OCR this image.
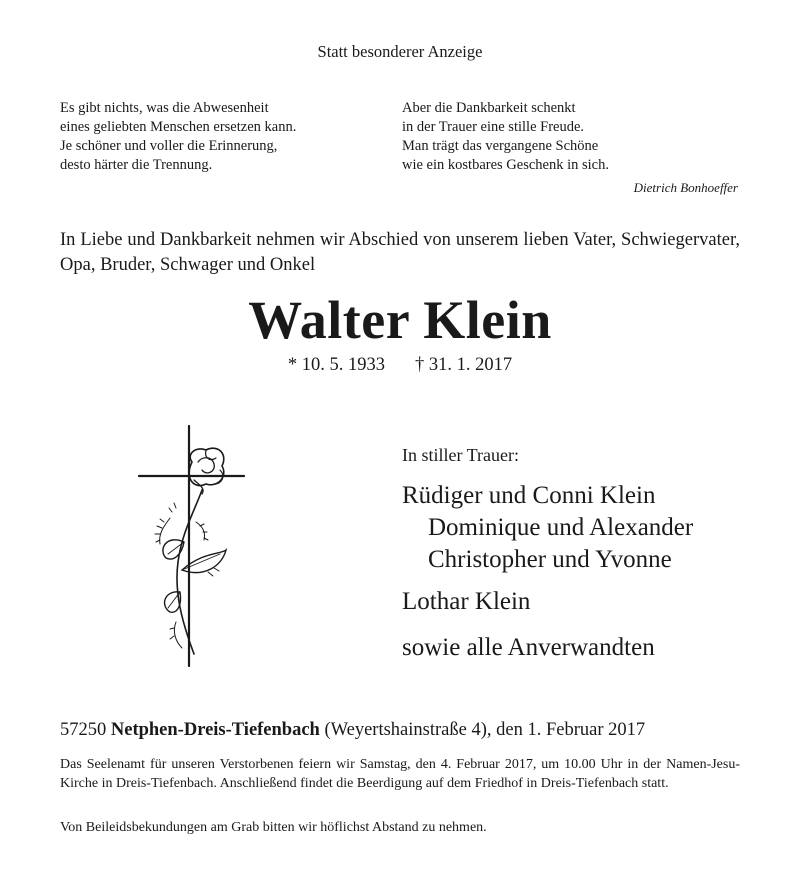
Statt besonderer Anzeige
Es gibt nichts, was die Abwesenheit
eines geliebten Menschen ersetzen kann.
Je schöner und voller die Erinnerung,
desto härter die Trennung.
Aber die Dankbarkeit schenkt
in der Trauer eine stille Freude.
Man trägt das vergangene Schöne
wie ein kostbares Geschenk in sich.
Dietrich Bonhoeffer
In Liebe und Dankbarkeit nehmen wir Abschied von unserem lieben Vater, Schwiegervater, Opa, Bruder, Schwager und Onkel
Walter Klein
* 10. 5. 1933 † 31. 1. 2017
In stiller Trauer:
Rüdiger und Conni Klein
Dominique und Alexander
Christopher und Yvonne
Lothar Klein
sowie alle Anverwandten
57250 Netphen-Dreis-Tiefenbach (Weyertshainstraße 4), den 1. Februar 2017
Das Seelenamt für unseren Verstorbenen feiern wir Samstag, den 4. Februar 2017, um 10.00 Uhr in der Namen-Jesu-Kirche in Dreis-Tiefenbach. Anschließend findet die Beerdigung auf dem Friedhof in Dreis-Tiefenbach statt.
Von Beileidsbekundungen am Grab bitten wir höflichst Abstand zu nehmen.
